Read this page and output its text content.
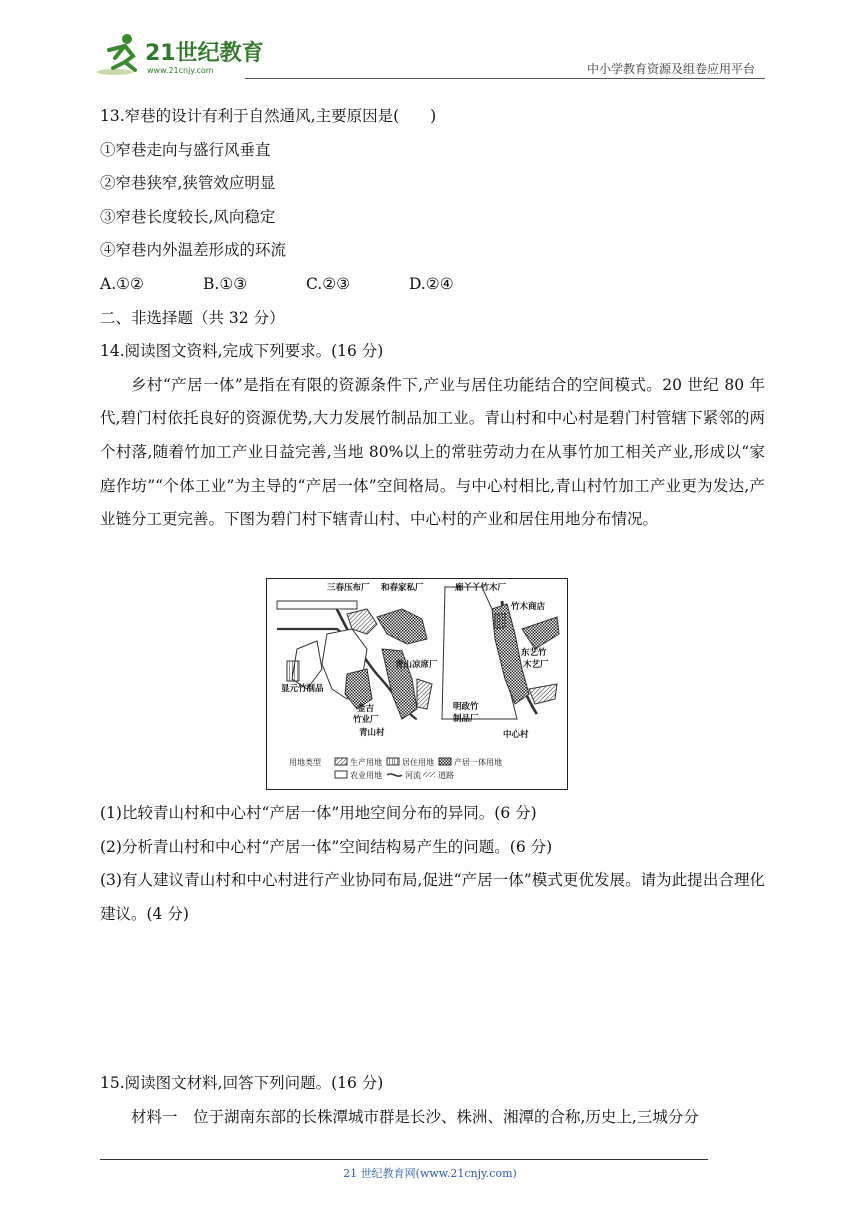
21世纪教育
www.21cnjy.com	中小学教育资源及组卷应用平台
13.窄巷的设计有利于自然通风,主要原因是(　　)
①窄巷走向与盛行风垂直
②窄巷狭窄,狭管效应明显
③窄巷长度较长,风向稳定
④窄巷内外温差形成的环流
A.①②	B.①③	C.②③	D.②④
二、非选择题（共 32 分）
14.阅读图文资料,完成下列要求。(16 分)

乡村“产居一体”是指在有限的资源条件下,产业与居住功能结合的空间模式。20 世纪 80 年代,碧门村依托良好的资源优势,大力发展竹制品加工业。青山村和中心村是碧门村管辖下紧邻的两个村落,随着竹加工产业日益完善,当地 80%以上的常驻劳动力在从事竹加工相关产业,形成以“家庭作坊”“个体工业”为主导的“产居一体”空间格局。与中心村相比,青山村竹加工产业更为发达,产业链分工更完善。下图为碧门村下辖青山村、中心村的产业和居住用地分布情况。

三春压布厂 和春家私厂
青山凉席厂
显元竹制品
金吉
竹业厂
青山村
廊丫丫竹木厂
竹木商店
东艺竹
木艺厂
明政竹
制品厂
中心村
用地类型	生产用地	居住用地	产居一体用地
农业用地	河流 道路
(1)比较青山村和中心村“产居一体”用地空间分布的异同。(6 分)
(2)分析青山村和中心村“产居一体”空间结构易产生的问题。(6 分)
(3)有人建议青山村和中心村进行产业协同布局,促进“产居一体”模式更优发展。请为此提出合理化建议。(4 分)
15.阅读图文材料,回答下列问题。(16 分)
材料一　位于湖南东部的长株潭城市群是长沙、株洲、湘潭的合称,历史上,三城分分
21 世纪教育网(www.21cnjy.com)
